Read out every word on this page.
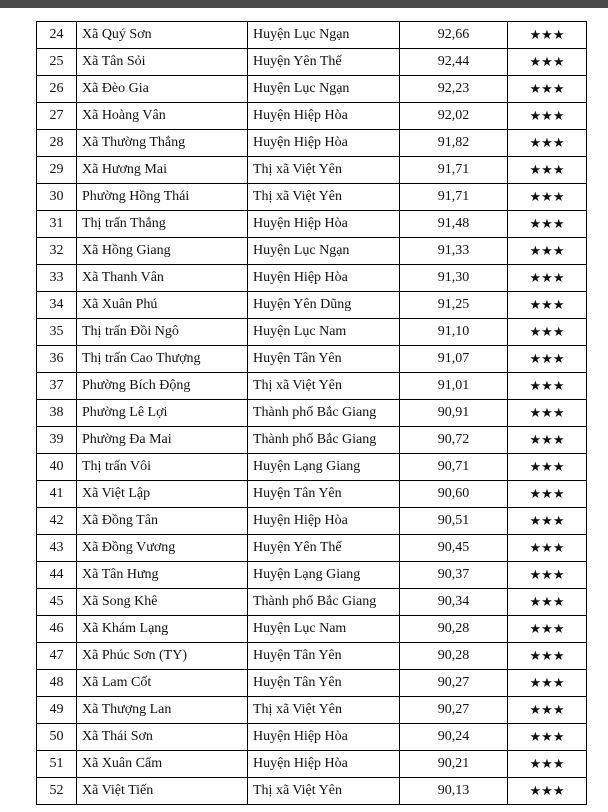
24	Xã Quý Sơn	Huyện Lục Ngạn	92,66	★★★
25	Xã Tân Sỏi	Huyện Yên Thế	92,44	★★★
26	Xã Đèo Gia	Huyện Lục Ngạn	92,23	★★★
27	Xã Hoàng Vân	Huyện Hiệp Hòa	92,02	★★★
28	Xã Thường Thắng	Huyện Hiệp Hòa	91,82	★★★
29	Xã Hương Mai	Thị xã Việt Yên	91,71	★★★
30	Phường Hồng Thái	Thị xã Việt Yên	91,71	★★★
31	Thị trấn Thắng	Huyện Hiệp Hòa	91,48	★★★
32	Xã Hồng Giang	Huyện Lục Ngạn	91,33	★★★
33	Xã Thanh Vân	Huyện Hiệp Hòa	91,30	★★★
34	Xã Xuân Phú	Huyện Yên Dũng	91,25	★★★
35	Thị trấn Đồi Ngô	Huyện Lục Nam	91,10	★★★
36	Thị trấn Cao Thượng	Huyện Tân Yên	91,07	★★★
37	Phường Bích Động	Thị xã Việt Yên	91,01	★★★
38	Phường Lê Lợi	Thành phố Bắc Giang	90,91	★★★
39	Phường Đa Mai	Thành phố Bắc Giang	90,72	★★★
40	Thị trấn Vôi	Huyện Lạng Giang	90,71	★★★
41	Xã Việt Lập	Huyện Tân Yên	90,60	★★★
42	Xã Đồng Tân	Huyện Hiệp Hòa	90,51	★★★
43	Xã Đồng Vương	Huyện Yên Thế	90,45	★★★
44	Xã Tân Hưng	Huyện Lạng Giang	90,37	★★★
45	Xã Song Khê	Thành phố Bắc Giang	90,34	★★★
46	Xã Khám Lạng	Huyện Lục Nam	90,28	★★★
47	Xã Phúc Sơn (TY)	Huyện Tân Yên	90,28	★★★
48	Xã Lam Cốt	Huyện Tân Yên	90,27	★★★
49	Xã Thượng Lan	Thị xã Việt Yên	90,27	★★★
50	Xã Thái Sơn	Huyện Hiệp Hòa	90,24	★★★
51	Xã Xuân Cẩm	Huyện Hiệp Hòa	90,21	★★★
52	Xã Việt Tiến	Thị xã Việt Yên	90,13	★★★
